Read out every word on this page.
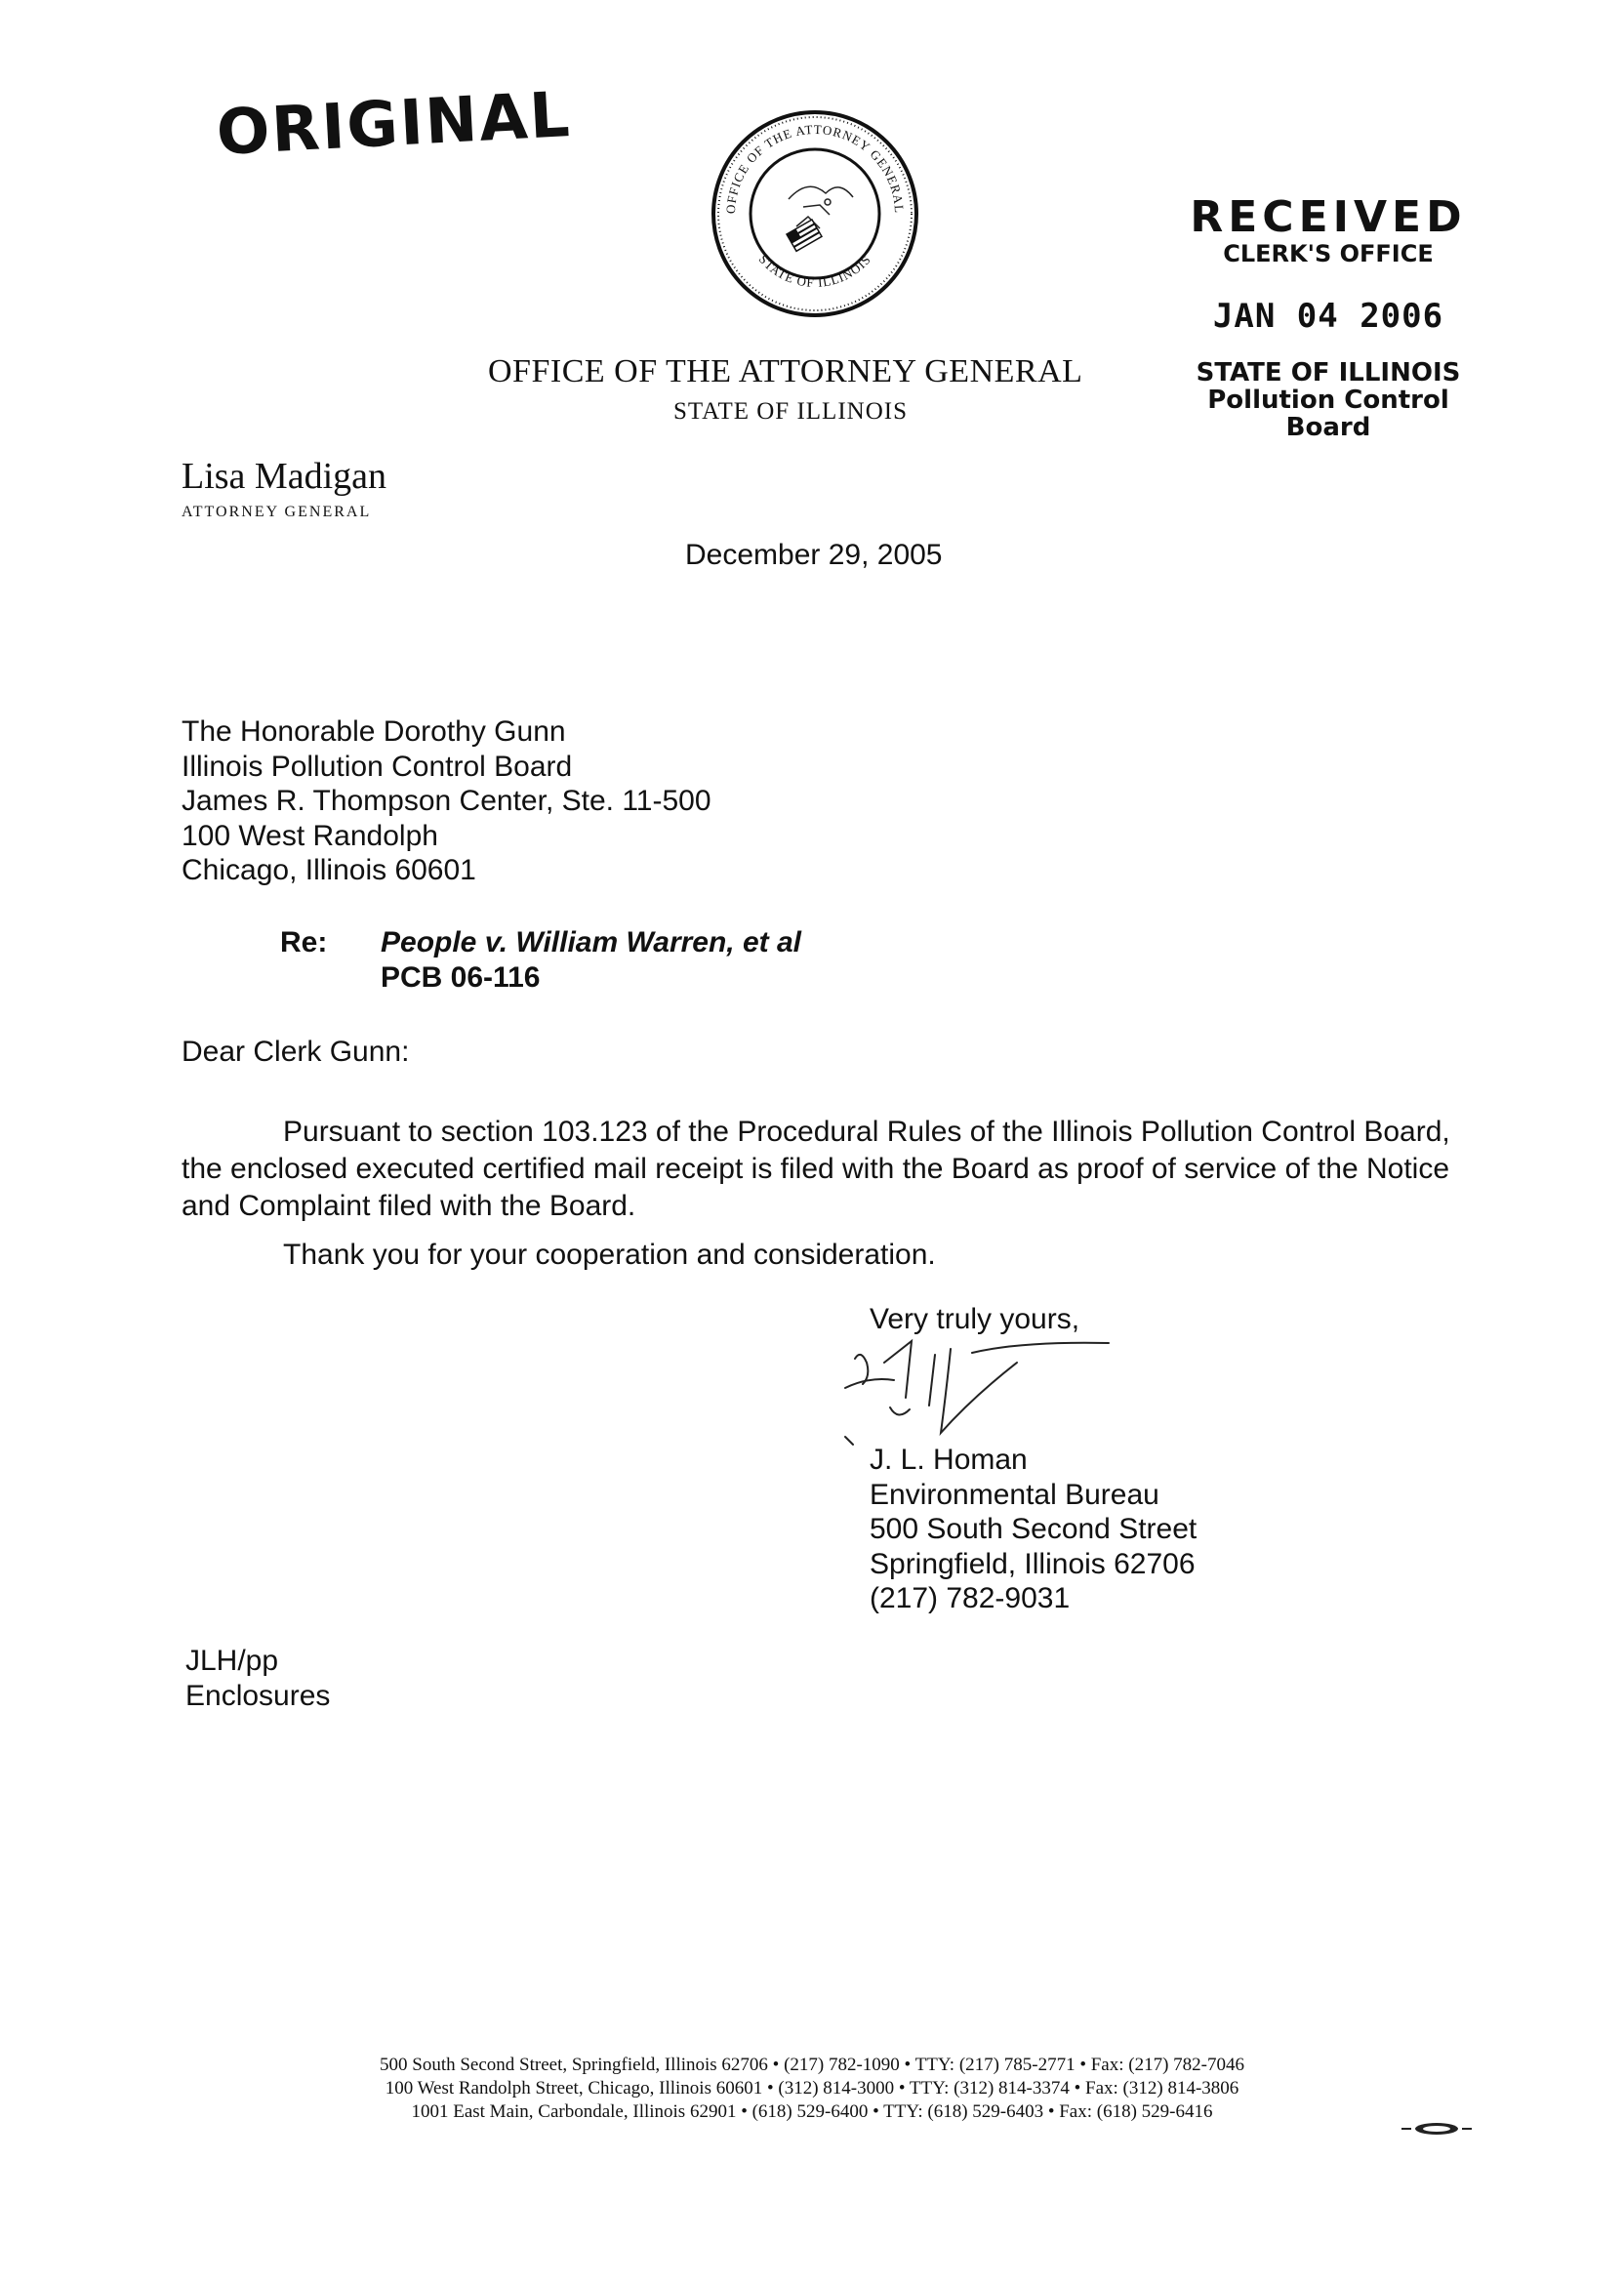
ORIGINAL
OFFICE OF THE ATTORNEY GENERAL
STATE OF ILLINOIS
RECEIVED
CLERK'S OFFICE
JAN 04 2006
STATE OF ILLINOIS
Pollution Control Board
OFFICE OF THE ATTORNEY GENERAL
STATE OF ILLINOIS
Lisa Madigan
ATTORNEY GENERAL
December 29, 2005
The Honorable Dorothy Gunn
Illinois Pollution Control Board
James R. Thompson Center, Ste. 11-500
100 West Randolph
Chicago, Illinois 60601
Re: People v. William Warren, et al
PCB 06-116
Dear Clerk Gunn:
Pursuant to section 103.123 of the Procedural Rules of the Illinois Pollution Control Board,
the enclosed executed certified mail receipt is filed with the Board as proof of service of the Notice
and Complaint filed with the Board.
Thank you for your cooperation and consideration.
Very truly yours,
J. L. Homan
Environmental Bureau
500 South Second Street
Springfield, Illinois 62706
(217) 782-9031
JLH/pp
Enclosures
500 South Second Street, Springfield, Illinois 62706 • (217) 782-1090 • TTY: (217) 785-2771 • Fax: (217) 782-7046
100 West Randolph Street, Chicago, Illinois 60601 • (312) 814-3000 • TTY: (312) 814-3374 • Fax: (312) 814-3806
1001 East Main, Carbondale, Illinois 62901 • (618) 529-6400 • TTY: (618) 529-6403 • Fax: (618) 529-6416
